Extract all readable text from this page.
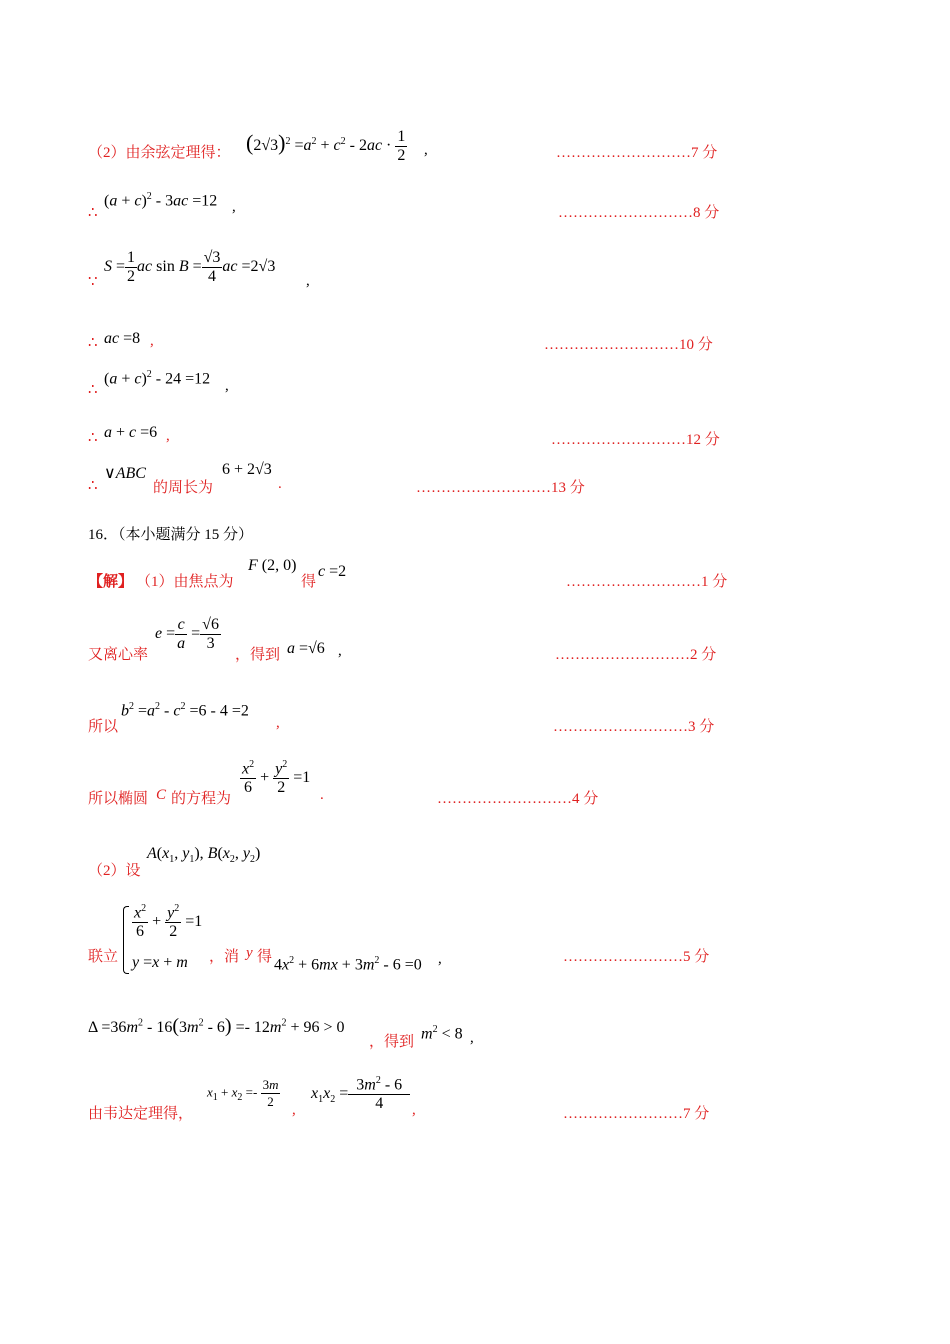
（2）由余弦定理得： $(2√3)^2 =a^2 + c^2 - 2ac \cdot \frac{1}{2}$ ,	………………………7 分
∴
$(a + c)^2 - 3ac =12$ ,	………………………8 分
∵
$S = \frac{1}{2}$ ac $\sin B = \frac{√3}{4}$ ac =2√3
,
∴ ac =8 ,	………………………10 分
∴
$(a + c)^2 - 24 =12$ ,
∴ a + c =6 ,	………………………12 分
∴
∨ABC
的周长为
6 + 2√3
.	………………………13 分
16．（本小题满分 15 分）
【解】 （1）由焦点为
F (2, 0)
得
c =2
………………………1 分
又离心率
$e = \frac{c}{a} = \frac{√6}{3}$
，得到 a =√6 ,	………………………2 分
所以
$b^2 =a^2 - c^2 =6 - 4 =2$
,	………………………3 分
所以椭圆 C 的方程为
$\frac{x^2}{6} + \frac{y^2}{2} =1$
.	………………………4 分
（2）设
$A(x_1$, $y_1$), $B(x_2$, $y_2$)
联立
$\frac{x^2}{6} + \frac{y^2}{2} =1$
y =x + m ，消 y 得 $4x^2 + 6mx + 3m^2 - 6 =0$ ,	……………………5 分
$\Delta =36m^2 - 16(3m^2 - 6) =- 12m^2 + 96 > 0$
，得到 $m^2 < 8$ ,
由韦达定理得，
$x_1 + x_2 =- \frac{3m}{2}$ ,
$x_1x_2 = \frac{3m^2 - 6}{4}$ ,	……………………7 分
